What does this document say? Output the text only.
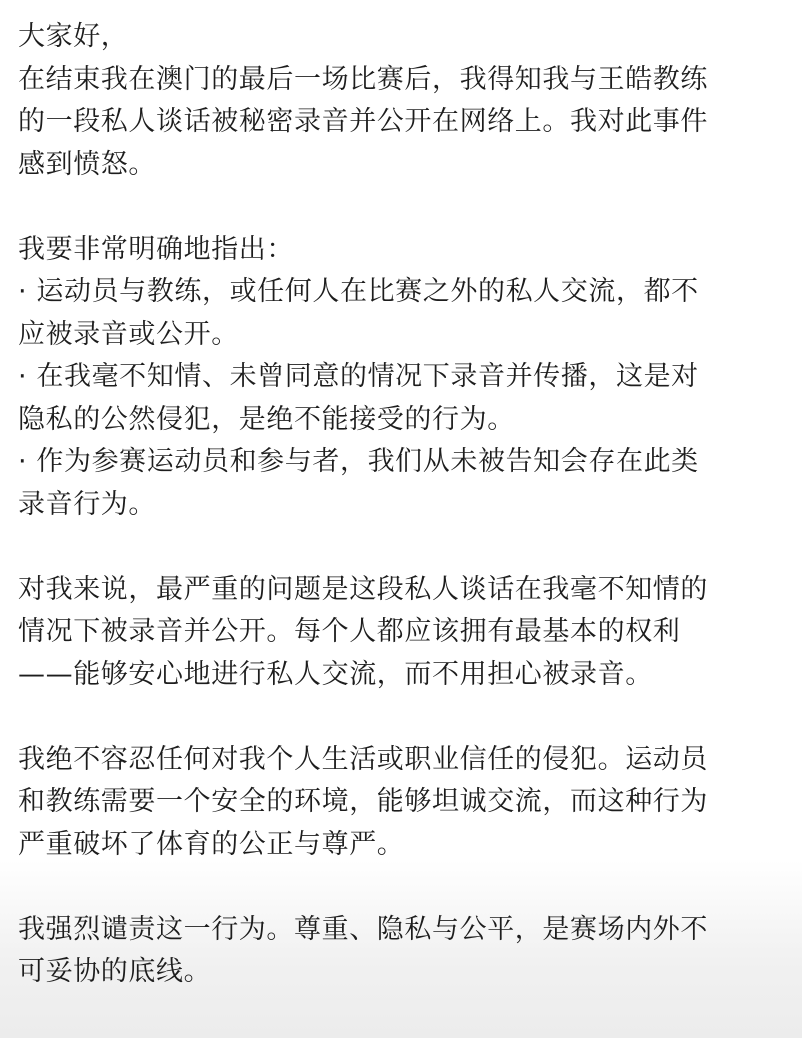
大家好，
在结束我在澳门的最后一场比赛后，我得知我与王皓教练
的一段私人谈话被秘密录音并公开在网络上。我对此事件
感到愤怒。
我要非常明确地指出：
· 运动员与教练，或任何人在比赛之外的私人交流，都不
应被录音或公开。
· 在我毫不知情、未曾同意的情况下录音并传播，这是对
隐私的公然侵犯，是绝不能接受的行为。
· 作为参赛运动员和参与者，我们从未被告知会存在此类
录音行为。
对我来说，最严重的问题是这段私人谈话在我毫不知情的
情况下被录音并公开。每个人都应该拥有最基本的权利
——能够安心地进行私人交流，而不用担心被录音。
我绝不容忍任何对我个人生活或职业信任的侵犯。运动员
和教练需要一个安全的环境，能够坦诚交流，而这种行为
严重破坏了体育的公正与尊严。
我强烈谴责这一行为。尊重、隐私与公平，是赛场内外不
可妥协的底线。
